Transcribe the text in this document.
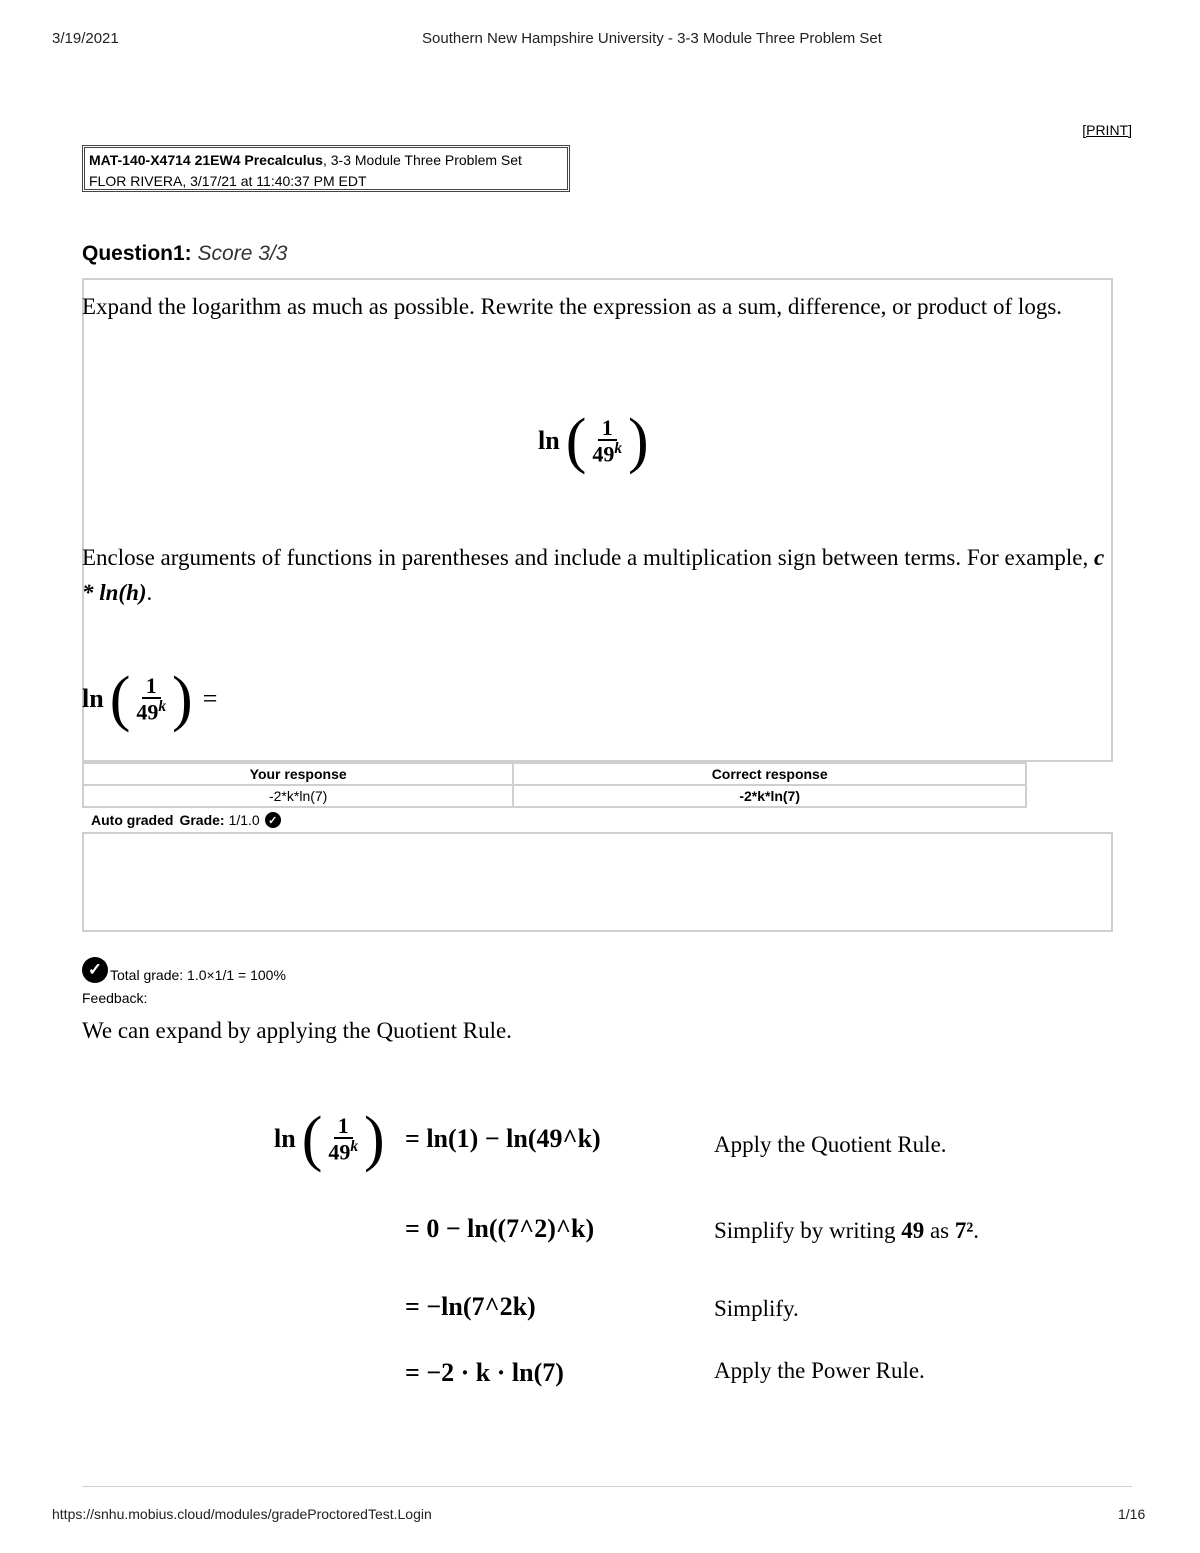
3/19/2021	Southern New Hampshire University - 3-3 Module Three Problem Set
[PRINT]
MAT-140-X4714 21EW4 Precalculus, 3-3 Module Three Problem Set
FLOR RIVERA, 3/17/21 at 11:40:37 PM EDT
Question1: Score 3/3
Expand the logarithm as much as possible. Rewrite the expression as a sum, difference, or product of logs.
ln ( $\frac{1}{49^k}$ )
Enclose arguments of functions in parentheses and include a multiplication sign between terms. For example, c * ln(h).
ln ( $\frac{1}{49^k}$ ) =
Your response	Correct response
-2*k*ln(7)	-2*k*ln(7)
Auto graded Grade: 1/1.0 ✓
✓ Total grade: 1.0×1/1 = 100%
Feedback:
We can expand by applying the Quotient Rule.
ln ( $\frac{1}{49^k}$ ) = ln(1) − ln(49^k)	Apply the Quotient Rule.
= 0 − ln((7^2)^k)	Simplify by writing 49 as 7².
= −ln(7^2k)	Simplify.
= −2 · k · ln(7)	Apply the Power Rule.
https://snhu.mobius.cloud/modules/gradeProctoredTest.Login	1/16
